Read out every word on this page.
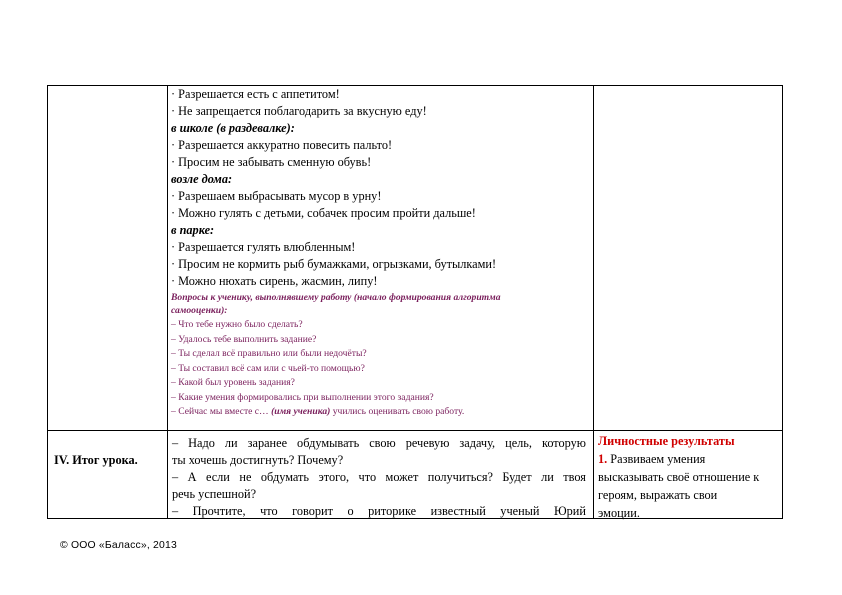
· Разрешается есть с аппетитом!
· Не запрещается поблагодарить за вкусную еду!
в школе (в раздевалке):
· Разрешается аккуратно повесить пальто!
· Просим не забывать сменную обувь!
возле дома:
· Разрешаем выбрасывать мусор в урну!
· Можно гулять с детьми, собачек просим пройти дальше!
в парке:
· Разрешается гулять влюбленным!
· Просим не кормить рыб бумажками, огрызками, бутылками!
· Можно нюхать сирень, жасмин, липу!
Вопросы к ученику, выполнявшему работу (начало формирования алгоритма
самооценки):
– Что тебе нужно было сделать?
– Удалось тебе выполнить задание?
– Ты сделал всё правильно или были недочёты?
– Ты составил всё сам или с чьей-то помощью?
– Какой был уровень задания?
– Какие умения формировались при выполнении этого задания?
– Сейчас мы вместе с… (имя ученика) учились оценивать свою работу.
IV. Итог урока.
– Надо ли заранее обдумывать свою речевую задачу, цель, которую
ты хочешь достигнуть? Почему?
– А если не обдумать этого, что может получиться? Будет ли твоя
речь успешной?
– Прочтите, что говорит о риторике известный ученый Юрий
Личностные результаты
1. Развиваем умения
высказывать своё отношение к
героям, выражать свои
эмоции.
© ООО «Баласс», 2013
